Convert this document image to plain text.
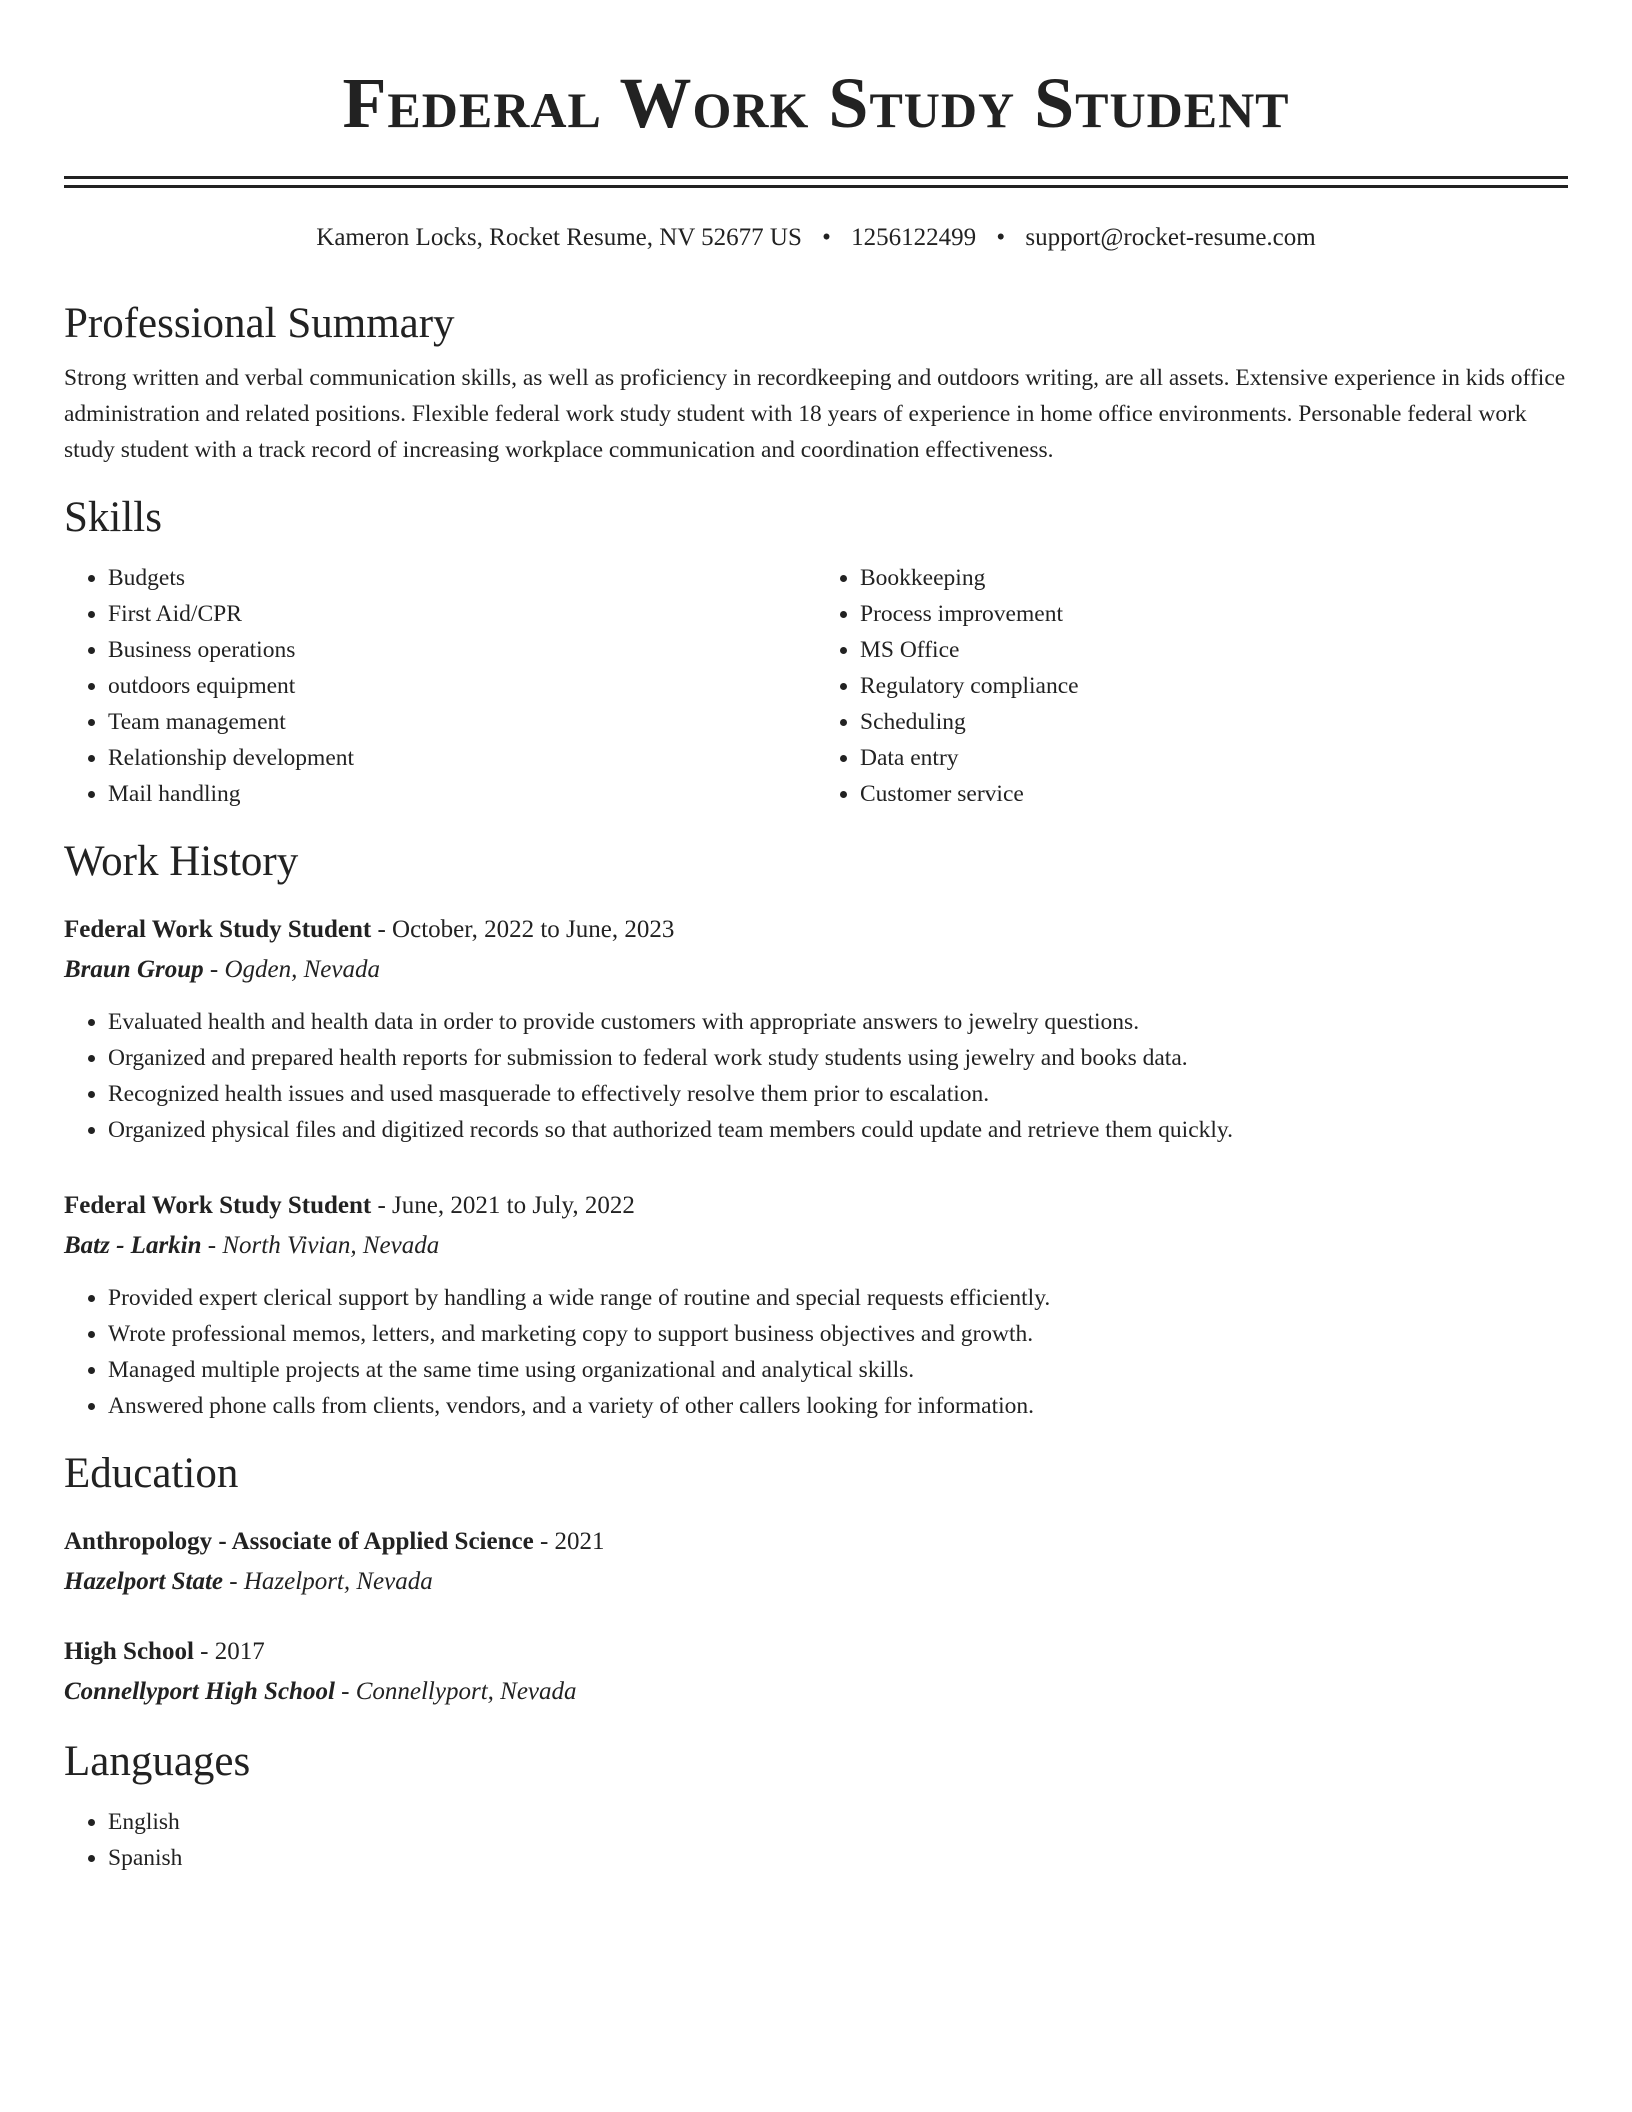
Federal Work Study Student
Kameron Locks, Rocket Resume, NV 52677 US • 1256122499 • support@rocket-resume.com
Professional Summary

Strong written and verbal communication skills, as well as proficiency in recordkeeping and outdoors writing, are all assets. Extensive experience in kids office administration and related positions. Flexible federal work study student with 18 years of experience in home office environments. Personable federal work study student with a track record of increasing workplace communication and coordination effectiveness.

Skills
• Budgets
• First Aid/CPR
• Business operations
• outdoors equipment
• Team management
• Relationship development
• Mail handling
• Bookkeeping
• Process improvement
• MS Office
• Regulatory compliance
• Scheduling
• Data entry
• Customer service
Work History
Federal Work Study Student - October, 2022 to June, 2023
Braun Group - Ogden, Nevada
• Evaluated health and health data in order to provide customers with appropriate answers to jewelry questions.
• Organized and prepared health reports for submission to federal work study students using jewelry and books data.
• Recognized health issues and used masquerade to effectively resolve them prior to escalation.
• Organized physical files and digitized records so that authorized team members could update and retrieve them quickly.
Federal Work Study Student - June, 2021 to July, 2022
Batz - Larkin - North Vivian, Nevada
• Provided expert clerical support by handling a wide range of routine and special requests efficiently.
• Wrote professional memos, letters, and marketing copy to support business objectives and growth.
• Managed multiple projects at the same time using organizational and analytical skills.
• Answered phone calls from clients, vendors, and a variety of other callers looking for information.
Education
Anthropology - Associate of Applied Science - 2021
Hazelport State - Hazelport, Nevada
High School - 2017
Connellyport High School - Connellyport, Nevada
Languages
• English
• Spanish
